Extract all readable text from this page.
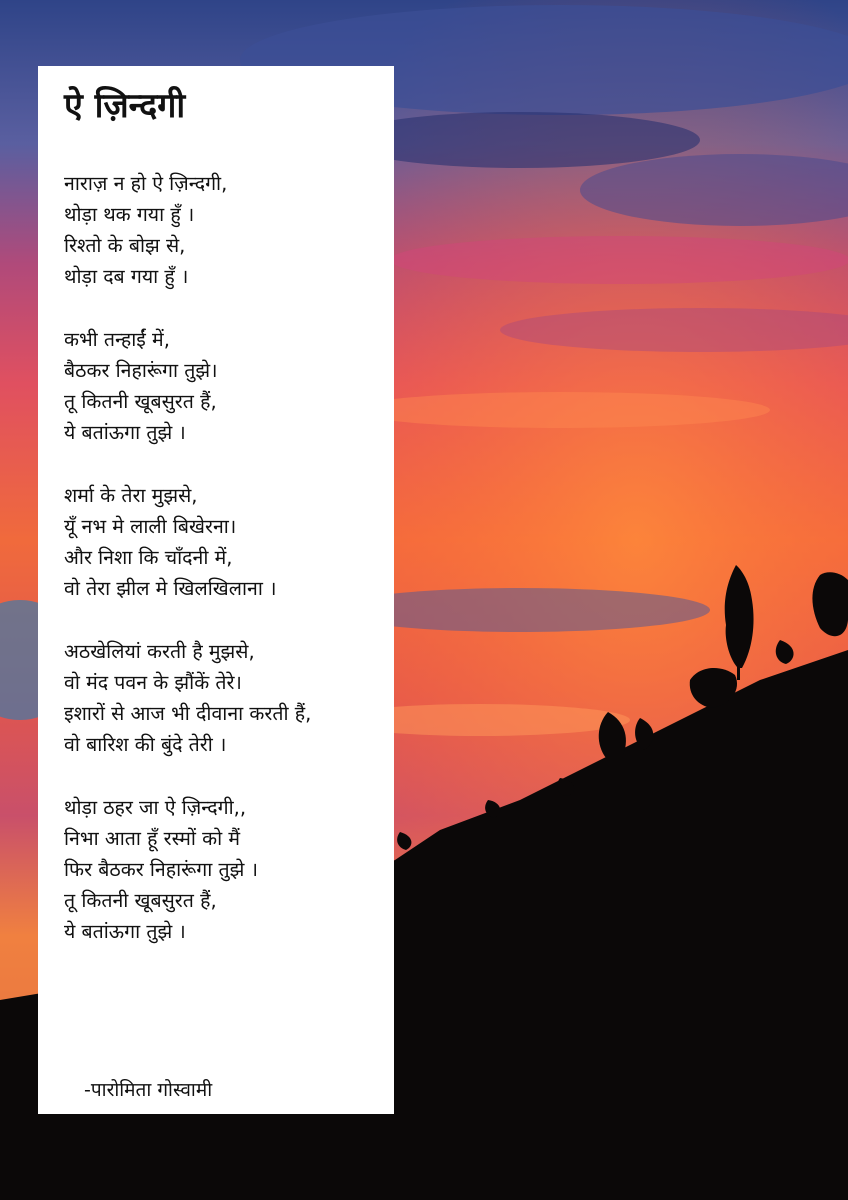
ऐ ज़िन्दगी
नाराज़ न हो ऐ ज़िन्दगी,
थोड़ा थक गया हुँ ।
रिश्तो के बोझ से,
थोड़ा दब गया हुँ ।
कभी तन्हाईं में,
बैठकर निहारूंगा तुझे।
तू कितनी खूबसुरत हैं,
ये बतांऊगा तुझे ।
शर्मा के तेरा मुझसे,
यूँ नभ मे लाली बिखेरना।
और निशा कि चाँदनी में,
वो तेरा झील मे खिलखिलाना ।
अठखेलियां करती है मुझसे,
वो मंद पवन के झौंकें तेरे।
इशारों से आज भी दीवाना करती हैं,
वो बारिश की बुंदे तेरी ।
थोड़ा ठहर जा ऐ ज़िन्दगी,,
निभा आता हूँ रस्मों को मैं
फिर बैठकर निहारूंगा तुझे ।
तू कितनी खूबसुरत हैं,
ये बतांऊगा तुझे ।
-पारोमिता गोस्वामी
